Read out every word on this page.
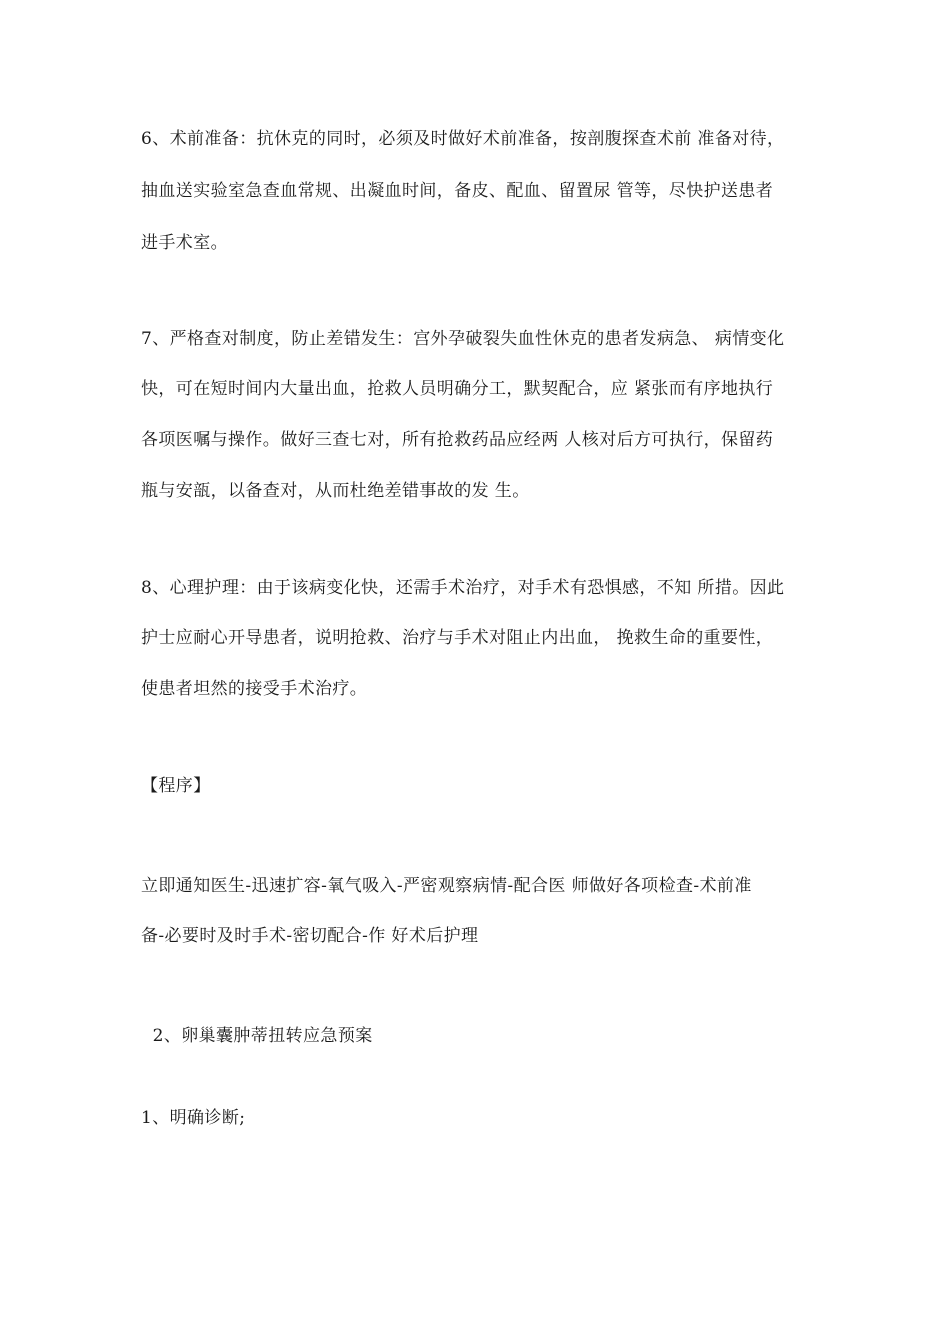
6、术前准备：抗休克的同时，必须及时做好术前准备，按剖腹探查术前 准备对待，
抽血送实验室急查血常规、出凝血时间，备皮、配血、留置尿 管等，尽快护送患者
进手术室。
7、严格查对制度，防止差错发生：宫外孕破裂失血性休克的患者发病急、 病情变化
快，可在短时间内大量出血，抢救人员明确分工，默契配合，应 紧张而有序地执行
各项医嘱与操作。做好三查七对，所有抢救药品应经两 人核对后方可执行，保留药
瓶与安瓿，以备查对，从而杜绝差错事故的发 生。
8、心理护理：由于该病变化快，还需手术治疗，对手术有恐惧感，不知 所措。因此
护士应耐心开导患者，说明抢救、治疗与手术对阻止内出血， 挽救生命的重要性，
使患者坦然的接受手术治疗。
【程序】
立即通知医生-迅速扩容-氧气吸入-严密观察病情-配合医 师做好各项检查-术前准
备-必要时及时手术-密切配合-作 好术后护理
2、卵巢囊肿蒂扭转应急预案
1、明确诊断;
